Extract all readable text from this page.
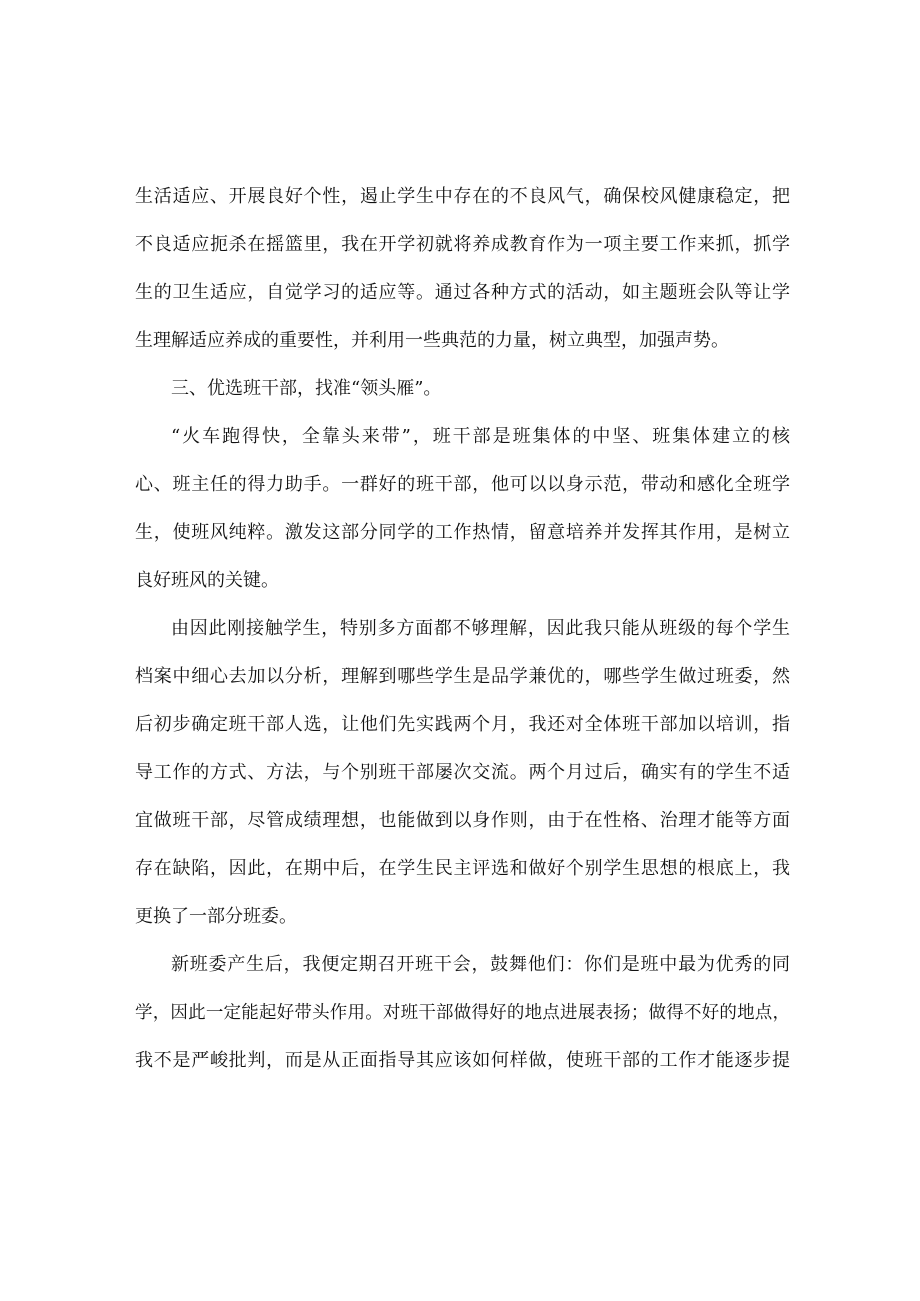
生活适应、开展良好个性，遏止学生中存在的不良风气，确保校风健康稳定，把
不良适应扼杀在摇篮里，我在开学初就将养成教育作为一项主要工作来抓，抓学
生的卫生适应，自觉学习的适应等。通过各种方式的活动，如主题班会队等让学
生理解适应养成的重要性，并利用一些典范的力量，树立典型，加强声势。
三、优选班干部，找准“领头雁”。
“火车跑得快，全靠头来带”，班干部是班集体的中坚、班集体建立的核
心、班主任的得力助手。一群好的班干部，他可以以身示范，带动和感化全班学
生，使班风纯粹。激发这部分同学的工作热情，留意培养并发挥其作用，是树立
良好班风的关键。
由因此刚接触学生，特别多方面都不够理解，因此我只能从班级的每个学生
档案中细心去加以分析，理解到哪些学生是品学兼优的，哪些学生做过班委，然
后初步确定班干部人选，让他们先实践两个月，我还对全体班干部加以培训，指
导工作的方式、方法，与个别班干部屡次交流。两个月过后，确实有的学生不适
宜做班干部，尽管成绩理想，也能做到以身作则，由于在性格、治理才能等方面
存在缺陷，因此，在期中后，在学生民主评选和做好个别学生思想的根底上，我
更换了一部分班委。
新班委产生后，我便定期召开班干会，鼓舞他们：你们是班中最为优秀的同
学，因此一定能起好带头作用。对班干部做得好的地点进展表扬；做得不好的地点，
我不是严峻批判，而是从正面指导其应该如何样做，使班干部的工作才能逐步提
